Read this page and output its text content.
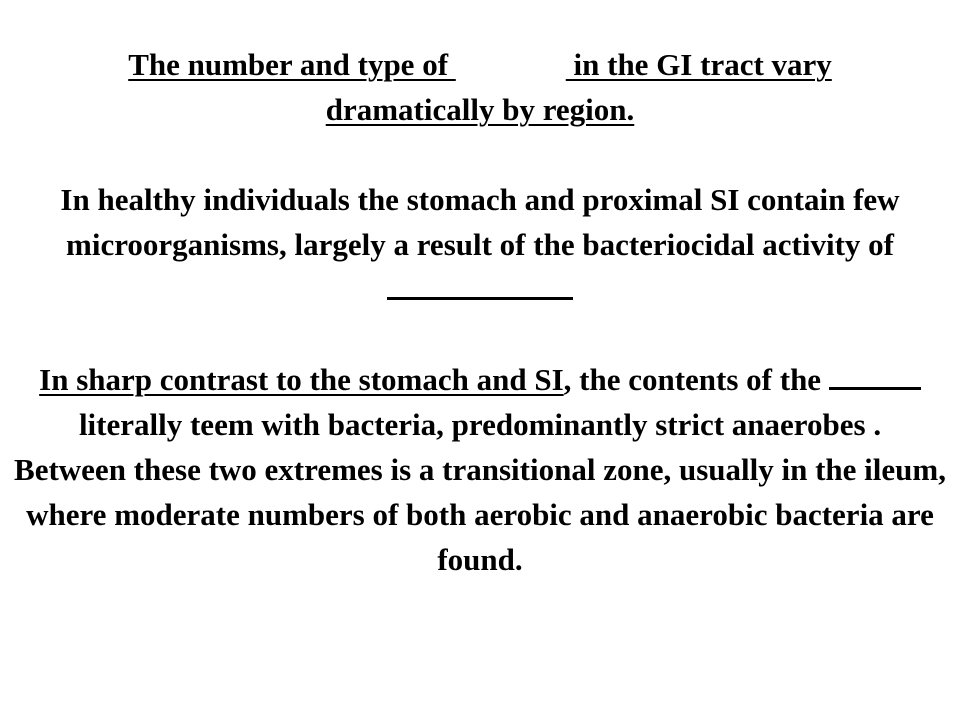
The number and type of	in the GI tract vary
dramatically by region.

In healthy individuals the stomach and proximal SI contain few microorganisms, largely a result of the bacteriocidal activity of

In sharp contrast to the stomach and SI, the contents of the  literally teem with bacteria, predominantly strict anaerobes .

Between these two extremes is a transitional zone, usually in the ileum, where moderate numbers of both aerobic and anaerobic bacteria are found.
